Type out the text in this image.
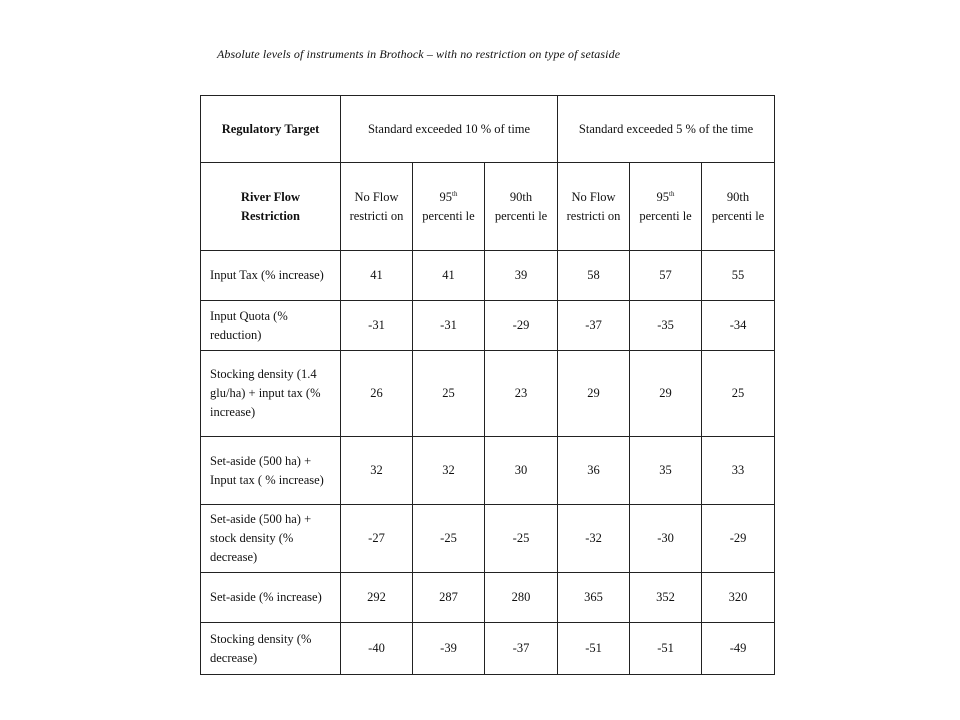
Absolute levels of instruments in Brothock – with no restriction on type of setaside
Regulatory Target	Standard exceeded 10 % of time			Standard exceeded 5 % of the time		
River Flow Restriction	No Flow restricti on	95th percenti le	90th percenti le	No Flow restricti on	95th percenti le	90th percenti le
Input Tax (% increase)	41	41	39	58	57	55
Input Quota (% reduction)	-31	-31	-29	-37	-35	-34
Stocking density (1.4 glu/ha) + input tax (% increase)	26	25	23	29	29	25
Set-aside (500 ha) + Input tax ( % increase)	32	32	30	36	35	33
Set-aside (500 ha) + stock density (% decrease)	-27	-25	-25	-32	-30	-29
Set-aside (% increase)	292	287	280	365	352	320
Stocking density (% decrease)	-40	-39	-37	-51	-51	-49
